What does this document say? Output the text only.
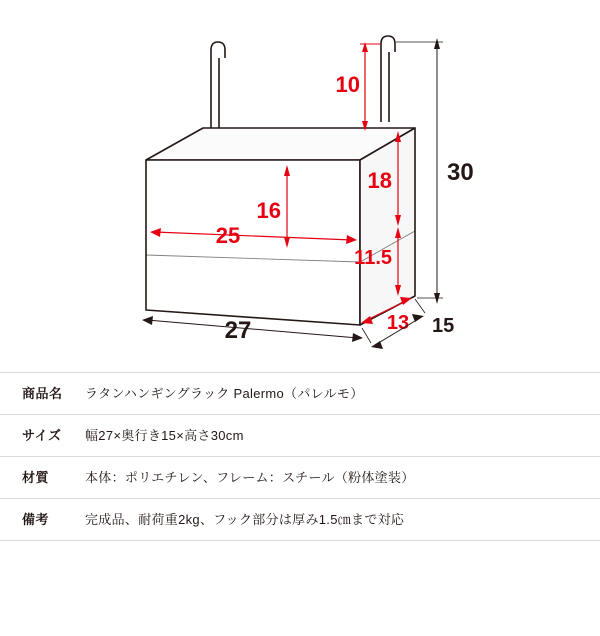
10
30
18
11.5
16
25
27	13 15
商品名	ラタンハンギングラック Palermo（パレルモ）
サイズ	幅27×奥行き15×高さ30cm
材質	本体：ポリエチレン、フレーム：スチール（粉体塗装）
備考	完成品、耐荷重2kg、フック部分は厚み1.5㎝まで対応
